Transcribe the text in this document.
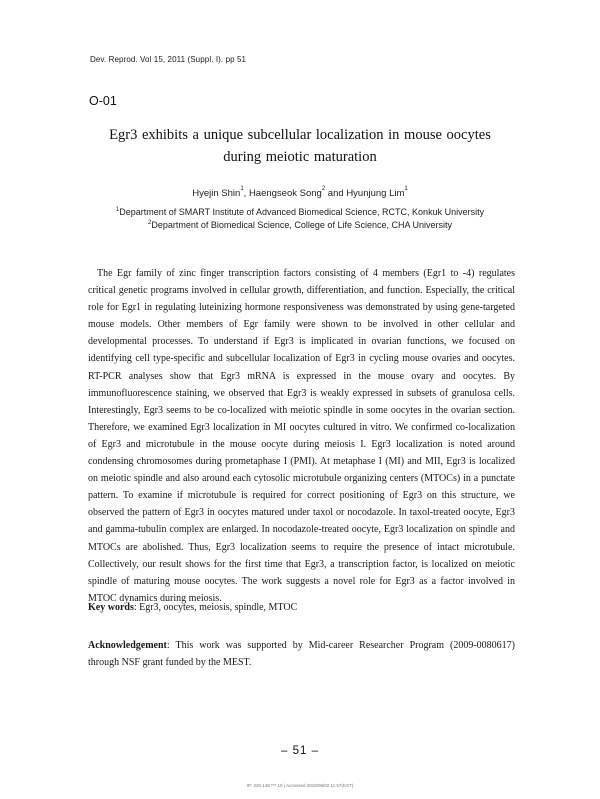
Dev. Reprod. Vol 15, 2011 (Suppl. I). pp 51
O-01
Egr3 exhibits a unique subcellular localization in mouse oocytes
during meiotic maturation
Hyejin Shin$^1$, Haengseok Song$^2$ and Hyunjung Lim$^1$
$^1$Department of SMART Institute of Advanced Biomedical Science, RCTC, Konkuk University
$^2$Department of Biomedical Science, College of Life Science, CHA University

The Egr family of zinc finger transcription factors consisting of 4 members (Egr1 to -4) regulates critical genetic programs involved in cellular growth, differentiation, and function. Especially, the critical role for Egr1 in regulating luteinizing hormone responsiveness was demonstrated by using gene-targeted mouse models. Other members of Egr family were shown to be involved in other cellular and developmental processes. To understand if Egr3 is implicated in ovarian functions, we focused on identifying cell type-specific and subcellular localization of Egr3 in cycling mouse ovaries and oocytes. RT-PCR analyses show that Egr3 mRNA is expressed in the mouse ovary and oocytes. By immunofluorescence staining, we observed that Egr3 is weakly expressed in subsets of granulosa cells. Interestingly, Egr3 seems to be co-localized with meiotic spindle in some oocytes in the ovarian section. Therefore, we examined Egr3 localization in MI oocytes cultured in vitro. We confirmed co-localization of Egr3 and microtubule in the mouse oocyte during meiosis I. Egr3 localization is noted around condensing chromosomes during prometaphase I (PMI). At metaphase I (MI) and MII, Egr3 is localized on meiotic spindle and also around each cytosolic microtubule organizing centers (MTOCs) in a punctate pattern. To examine if microtubule is required for correct positioning of Egr3 on this structure, we observed the pattern of Egr3 in oocytes matured under taxol or nocodazole. In taxol-treated oocyte, Egr3 and gamma-tubulin complex are enlarged. In nocodazole-treated oocyte, Egr3 localization on spindle and MTOCs are abolished. Thus, Egr3 localization seems to require the presence of intact microtubule. Collectively, our result shows for the first time that Egr3, a transcription factor, is localized on meiotic spindle of maturing mouse oocytes. The work suggests a novel role for Egr3 as a factor involved in MTOC dynamics during meiosis.

Key words: Egr3, oocytes, meiosis, spindle, MTOC
Acknowledgement: This work was supported by Mid-career Researcher Program (2009-0080617) through NSF grant funded by the MEST.
– 51 –
IP: 220.149.***.10 | Accessed 2018/08/02 11:57(KST)
